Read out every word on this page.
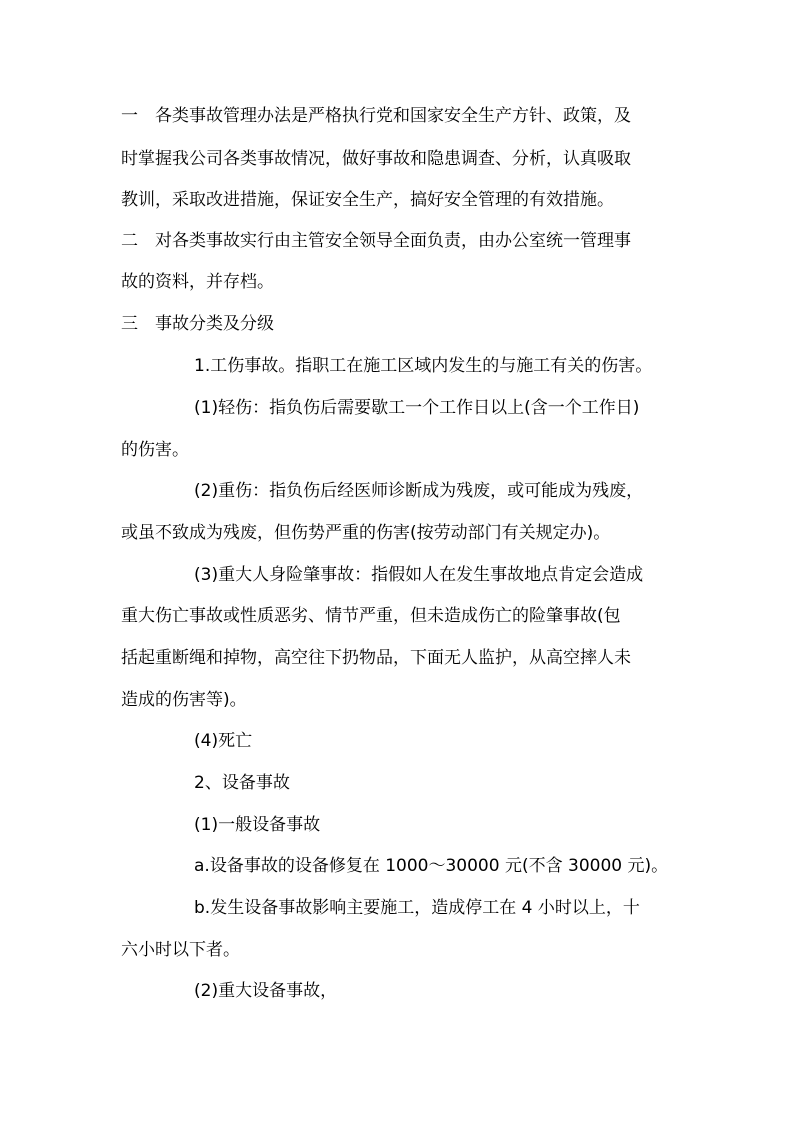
一　各类事故管理办法是严格执行党和国家安全生产方针、政策，及
时掌握我公司各类事故情况，做好事故和隐患调查、分析，认真吸取
教训，采取改进措施，保证安全生产，搞好安全管理的有效措施。
二　对各类事故实行由主管安全领导全面负责，由办公室统一管理事
故的资料，并存档。
三　事故分类及分级
1.工伤事故。指职工在施工区域内发生的与施工有关的伤害。
(1)轻伤：指负伤后需要歇工一个工作日以上(含一个工作日)
的伤害。
(2)重伤：指负伤后经医师诊断成为残废，或可能成为残废，
或虽不致成为残废，但伤势严重的伤害(按劳动部门有关规定办)。
(3)重大人身险肇事故：指假如人在发生事故地点肯定会造成
重大伤亡事故或性质恶劣、情节严重，但未造成伤亡的险肇事故(包
括起重断绳和掉物，高空往下扔物品，下面无人监护，从高空摔人未
造成的伤害等)。
(4)死亡
2、设备事故
(1)一般设备事故
a.设备事故的设备修复在 1000～30000 元(不含 30000 元)。
b.发生设备事故影响主要施工，造成停工在 4 小时以上，十
六小时以下者。
(2)重大设备事故，
